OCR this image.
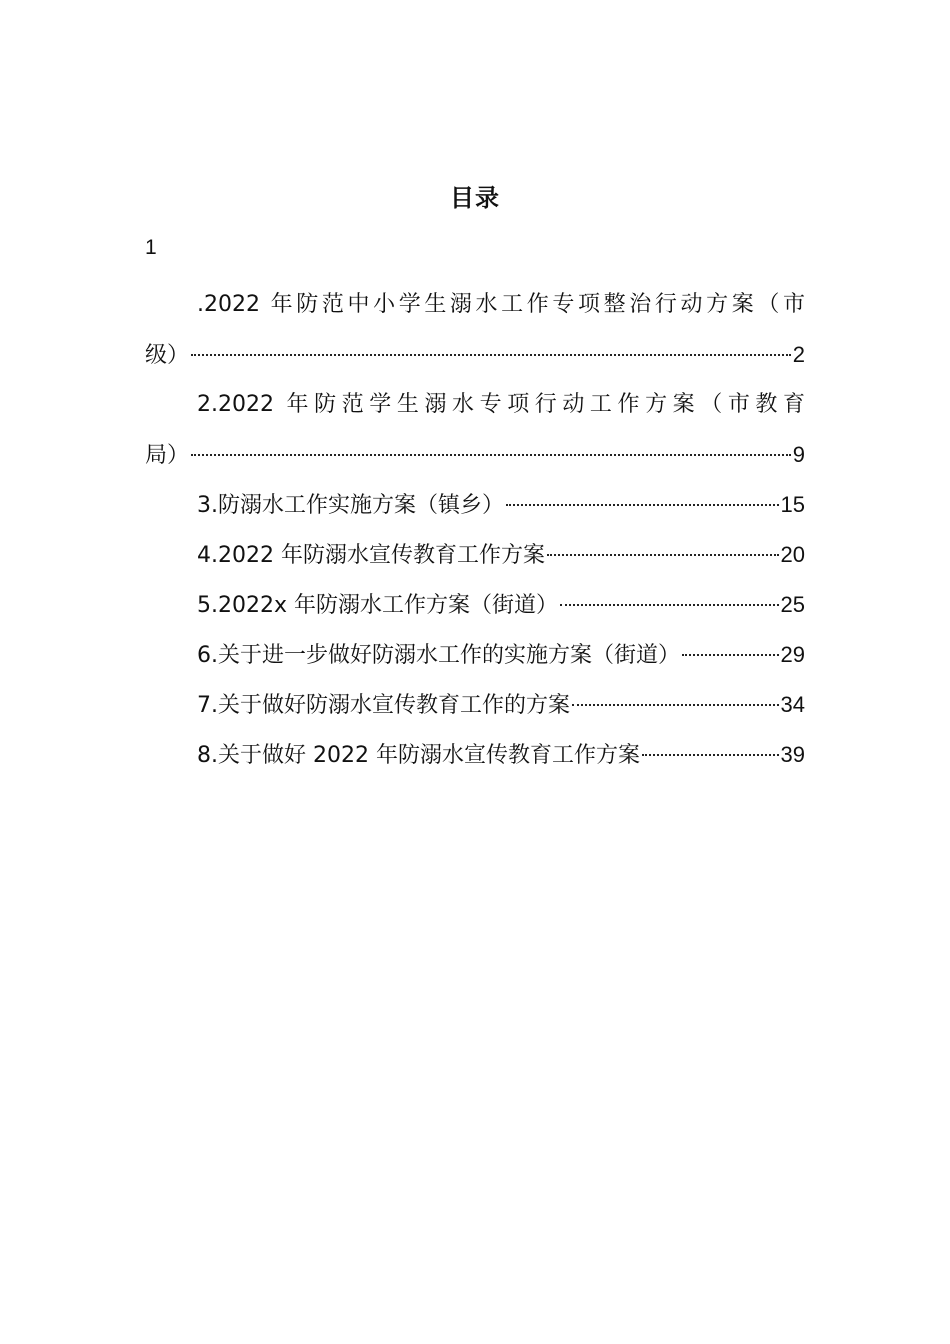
目录
1
.2022 年防范中小学生溺水工作专项整治行动方案（市
级）	2
2.2022 年防范学生溺水专项行动工作方案（市教育
局）	9
3.防溺水工作实施方案（镇乡）	15
4.2022 年防溺水宣传教育工作方案	20
5.2022x 年防溺水工作方案（街道）	25
6.关于进一步做好防溺水工作的实施方案（街道）	29
7.关于做好防溺水宣传教育工作的方案	34
8.关于做好 2022 年防溺水宣传教育工作方案	39
